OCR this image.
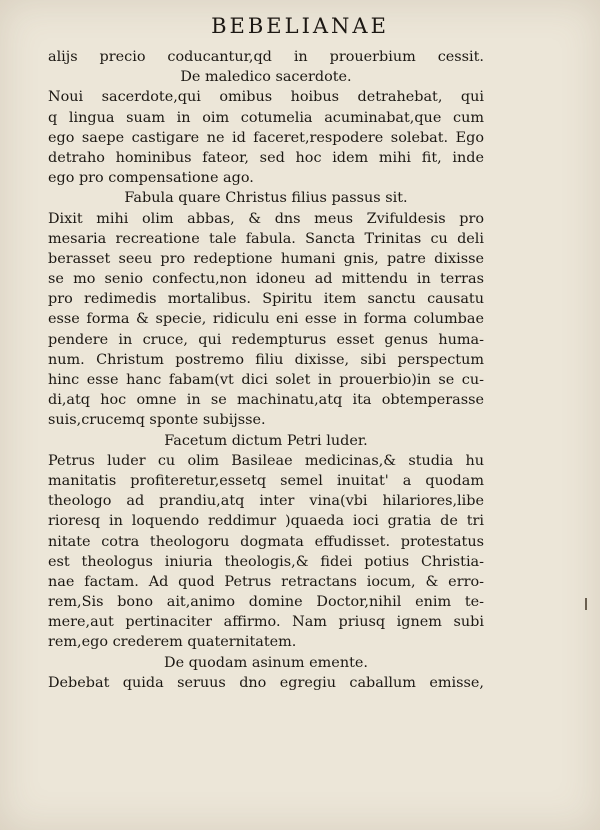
BEBELIANAE
alijs precio coducantur,qd in prouerbium cessit.
De maledico sacerdote.
Noui sacerdote,qui omibus hoibus detrahebat, qui
q lingua suam in oim cotumelia acuminabat,que cum
ego saepe castigare ne id faceret,respodere solebat. Ego
detraho hominibus fateor, sed hoc idem mihi fit, inde
ego pro compensatione ago.
Fabula quare Christus filius passus sit.
Dixit mihi olim abbas, & dns meus Zvifuldesis pro
mesaria recreatione tale fabula. Sancta Trinitas cu deli
berasset seeu pro redeptione humani gnis, patre dixisse
se mo senio confectu,non idoneu ad mittendu in terras
pro redimedis mortalibus. Spiritu item sanctu causatu
esse forma & specie, ridiculu eni esse in forma columbae
pendere in cruce, qui redempturus esset genus huma-
num. Christum postremo filiu dixisse, sibi perspectum
hinc esse hanc fabam(vt dici solet in prouerbio)in se cu-
di,atq hoc omne in se machinatu,atq ita obtemperasse
suis,crucemq sponte subijsse.
Facetum dictum Petri luder.
Petrus luder cu olim Basileae medicinas,& studia hu
manitatis profiteretur,essetq semel inuitat' a quodam
theologo ad prandiu,atq inter vina(vbi hilariores,libe
rioresq in loquendo reddimur )quaeda ioci gratia de tri
nitate cotra theologoru dogmata effudisset. protestatus
est theologus iniuria theologis,& fidei potius Christia-
nae factam. Ad quod Petrus retractans iocum, & erro-
rem,Sis bono ait,animo domine Doctor,nihil enim te-
mere,aut pertinaciter affirmo. Nam priusq ignem subi
rem,ego crederem quaternitatem.
De quodam asinum emente.
Debebat quida seruus dno egregiu caballum emisse,
